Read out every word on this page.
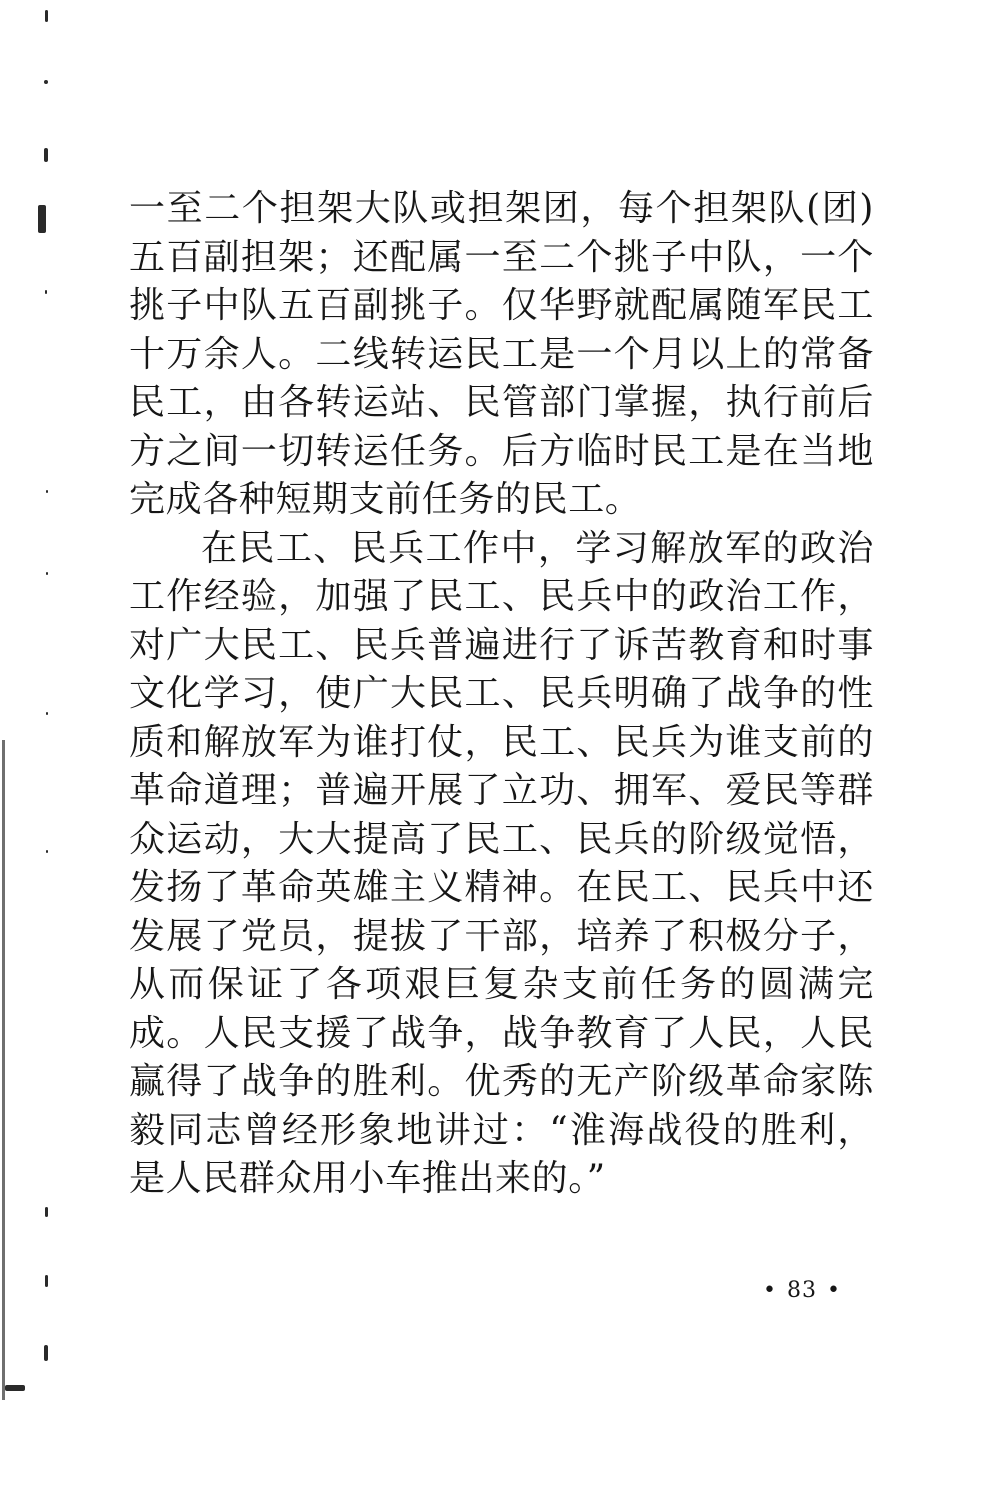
一至二个担架大队或担架团，每个担架队(团)五百副担架；还配属一至二个挑子中队，一个挑子中队五百副挑子。仅华野就配属随军民工十万余人。二线转运民工是一个月以上的常备民工，由各转运站、民管部门掌握，执行前后方之间一切转运任务。后方临时民工是在当地完成各种短期支前任务的民工。

在民工、民兵工作中，学习解放军的政治工作经验，加强了民工、民兵中的政治工作，对广大民工、民兵普遍进行了诉苦教育和时事文化学习，使广大民工、民兵明确了战争的性质和解放军为谁打仗，民工、民兵为谁支前的革命道理；普遍开展了立功、拥军、爱民等群众运动，大大提高了民工、民兵的阶级觉悟，发扬了革命英雄主义精神。在民工、民兵中还发展了党员，提拔了干部，培养了积极分子，从而保证了各项艰巨复杂支前任务的圆满完成。人民支援了战争，战争教育了人民，人民赢得了战争的胜利。优秀的无产阶级革命家陈毅同志曾经形象地讲过：“淮海战役的胜利，是人民群众用小车推出来的。”

• 83 •
